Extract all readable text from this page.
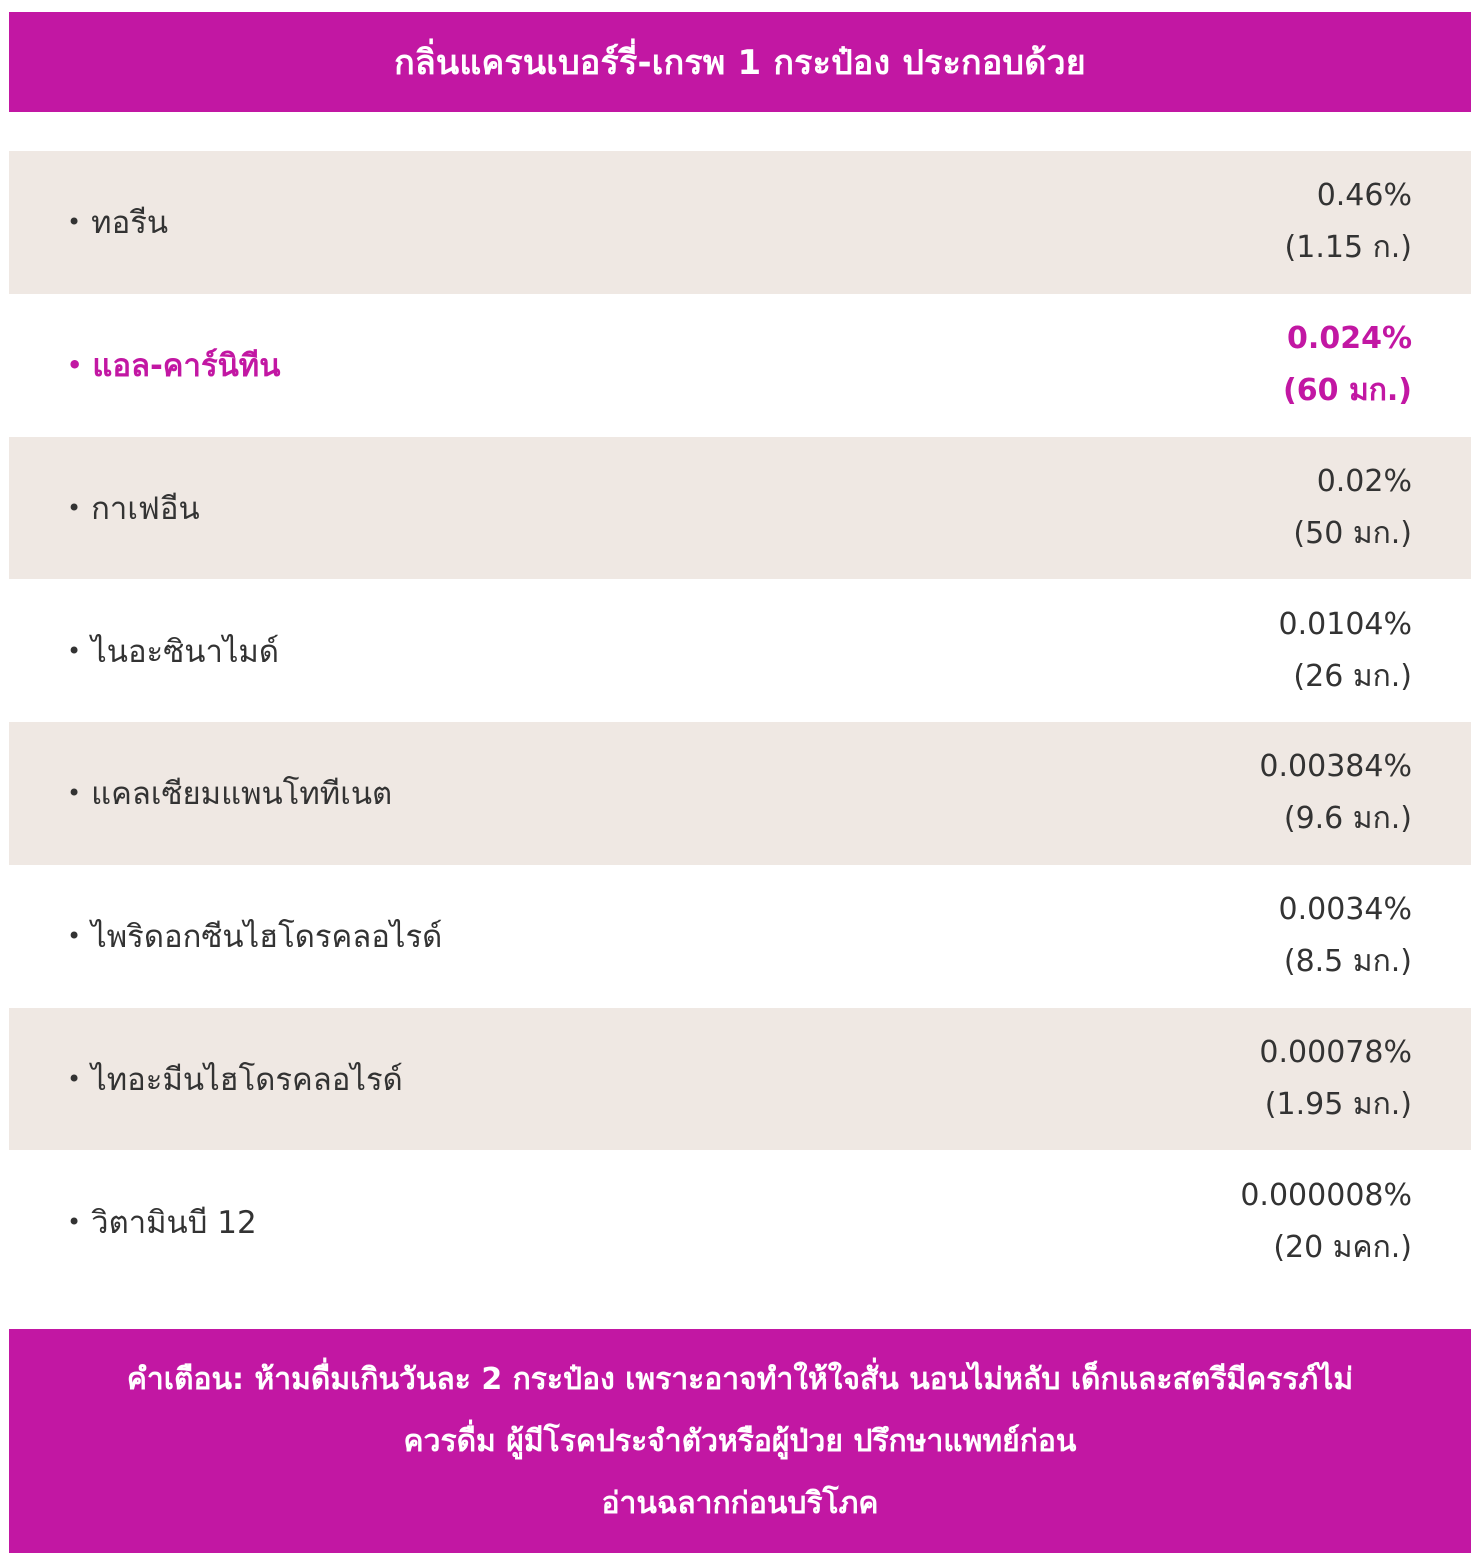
กลิ่นแครนเบอร์รี่-เกรพ 1 กระป๋อง ประกอบด้วย
• ทอรีน
0.46%
(1.15 ก.)
• แอล-คาร์นิทีน
0.024%
(60 มก.)
• กาเฟอีน
0.02%
(50 มก.)
• ไนอะซินาไมด์
0.0104%
(26 มก.)
• แคลเซียมแพนโททีเนต
0.00384%
(9.6 มก.)
• ไพริดอกซีนไฮโดรคลอไรด์
0.0034%
(8.5 มก.)
• ไทอะมีนไฮโดรคลอไรด์
0.00078%
(1.95 มก.)
• วิตามินบี 12
0.000008%
(20 มคก.)
คำเตือน: ห้ามดื่มเกินวันละ 2 กระป๋อง เพราะอาจทำให้ใจสั่น นอนไม่หลับ เด็กและสตรีมีครรภ์ไม่
ควรดื่ม ผู้มีโรคประจำตัวหรือผู้ป่วย ปรึกษาแพทย์ก่อน
อ่านฉลากก่อนบริโภค
